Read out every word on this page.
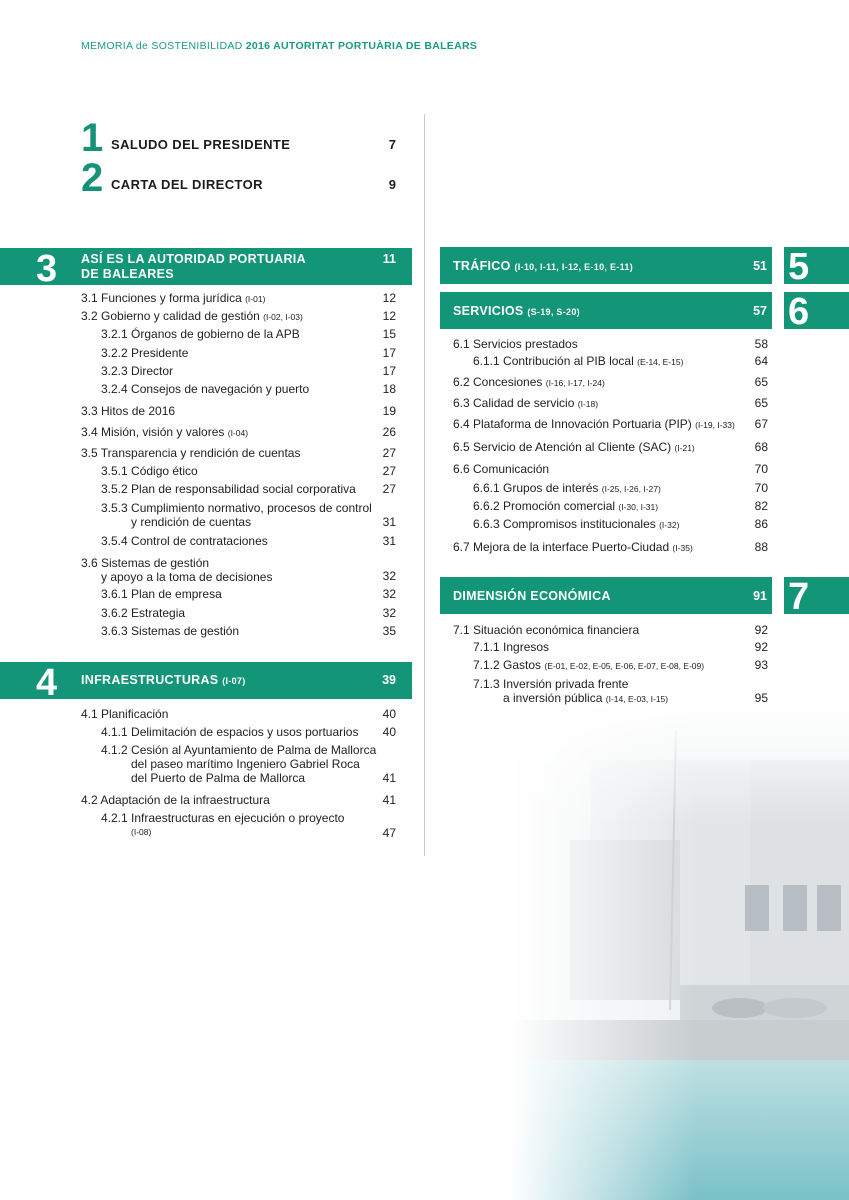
MEMORIA de SOSTENIBILIDAD 2016 AUTORITAT PORTUÀRIA DE BALEARS
1 SALUDO DEL PRESIDENTE	7
2 CARTA DEL DIRECTOR	9
3 ASÍ ES LA AUTORIDAD PORTUARIA
DE BALEARES
11
3.1 Funciones y forma jurídica (I-01)	12
3.2 Gobierno y calidad de gestión (I-02, I-03)	12
3.2.1 Órganos de gobierno de la APB	15
3.2.2 Presidente	17
3.2.3 Director	17
3.2.4 Consejos de navegación y puerto	18
3.3 Hitos de 2016	19
3.4 Misión, visión y valores (I-04)	26
3.5 Transparencia y rendición de cuentas	27
3.5.1 Código ético	27
3.5.2 Plan de responsabilidad social corporativa	27
3.5.3 Cumplimiento normativo, procesos de control
y rendición de cuentas	31
3.5.4 Control de contrataciones	31
3.6 Sistemas de gestión
y apoyo a la toma de decisiones	32
3.6.1 Plan de empresa	32
3.6.2 Estrategia	32
3.6.3 Sistemas de gestión	35
4 INFRAESTRUCTURAS (I-07)	39
4.1 Planificación	40
4.1.1 Delimitación de espacios y usos portuarios	40
4.1.2 Cesión al Ayuntamiento de Palma de Mallorca
del paseo marítimo Ingeniero Gabriel Roca
del Puerto de Palma de Mallorca	41
4.2 Adaptación de la infraestructura	41
4.2.1 Infraestructuras en ejecución o proyecto
(I-08)	47
TRÁFICO (I-10, I-11, I-12, E-10, E-11)	51 5
SERVICIOS (S-19, S-20)	57 6
6.1 Servicios prestados	58
6.1.1 Contribución al PIB local (E-14, E-15)	64
6.2 Concesiones (I-16, I-17, I-24)	65
6.3 Calidad de servicio (I-18)	65
6.4 Plataforma de Innovación Portuaria (PIP) (I-19, I-33)	67
6.5 Servicio de Atención al Cliente (SAC) (I-21)	68
6.6 Comunicación	70
6.6.1 Grupos de interés (I-25, I-26, I-27)	70
6.6.2 Promoción comercial (I-30, I-31)	82
6.6.3 Compromisos institucionales (I-32)	86
6.7 Mejora de la interface Puerto-Ciudad (I-35)	88
DIMENSIÓN ECONÓMICA	91 7
7.1 Situación económica financiera	92
7.1.1 Ingresos	92
7.1.2 Gastos (E-01, E-02, E-05, E-06, E-07, E-08, E-09)	93
7.1.3 Inversión privada frente
a inversión pública (I-14, E-03, I-15)	95
